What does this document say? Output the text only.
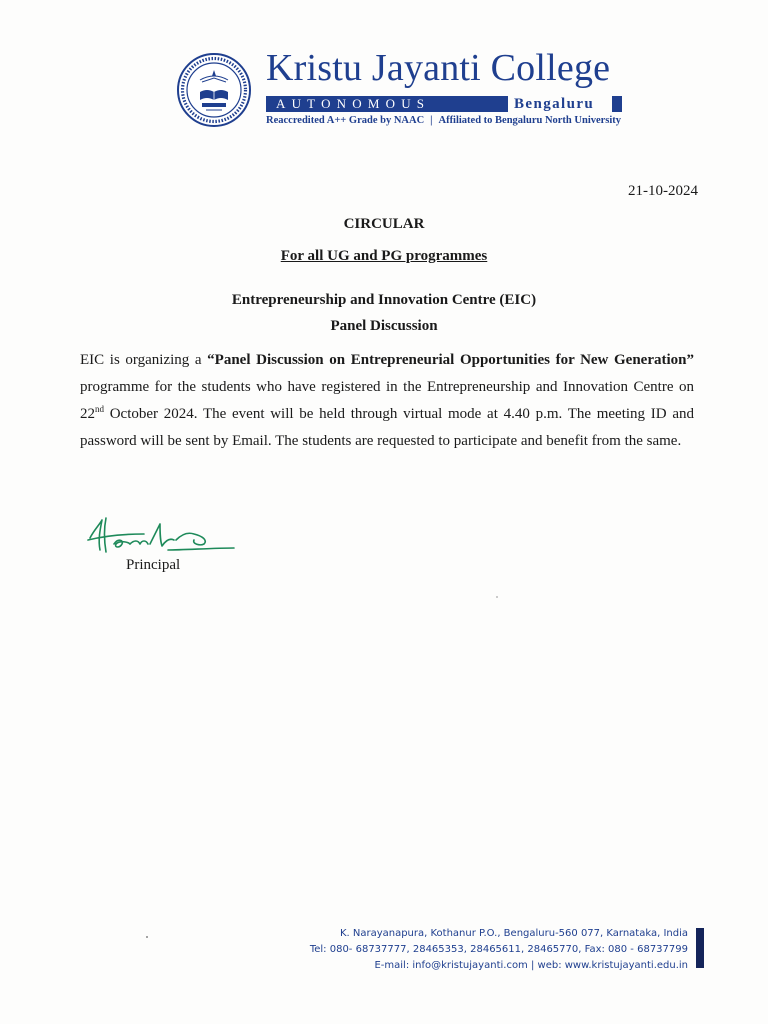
Kristu Jayanti College
AUTONOMOUS	Bengaluru
Reaccredited A++ Grade by NAAC | Affiliated to Bengaluru North University
21-10-2024
CIRCULAR
For all UG and PG programmes
Entrepreneurship and Innovation Centre (EIC)
Panel Discussion
EIC is organizing a “Panel Discussion on Entrepreneurial Opportunities for New Generation” programme for the students who have registered in the Entrepreneurship and Innovation Centre on 22nd October 2024. The event will be held through virtual mode at 4.40 p.m. The meeting ID and password will be sent by Email. The students are requested to participate and benefit from the same.
Principal
K. Narayanapura, Kothanur P.O., Bengaluru-560 077, Karnataka, India
Tel: 080- 68737777, 28465353, 28465611, 28465770, Fax: 080 - 68737799
E-mail: info@kristujayanti.com | web: www.kristujayanti.edu.in
